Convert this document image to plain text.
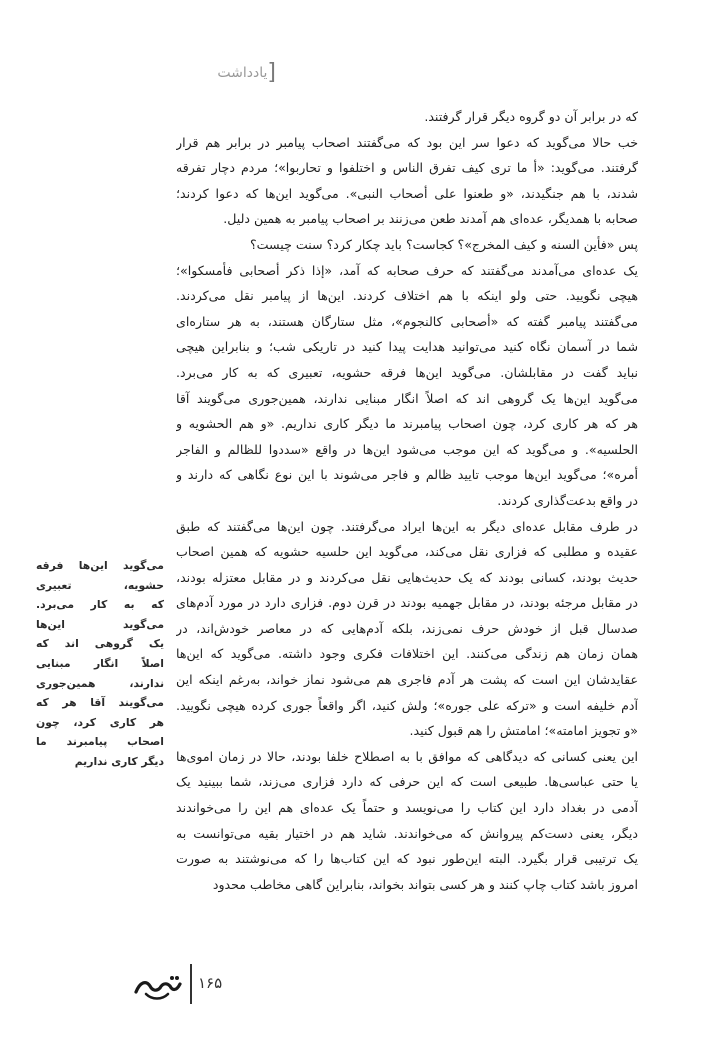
[
یادداشت
که در برابر آن دو گروه دیگر قرار گرفتند.
خب حالا می‌گوید که دعوا سر این بود که می‌گفتند اصحاب پیامبر در برابر هم قرار
گرفتند. می‌گوید: «أ ما تری کیف تفرق الناس و اختلفوا و تحاربوا»؛ مردم دچار تفرقه
شدند، با هم جنگیدند، «و طعنوا علی أصحاب النبی». می‌گوید این‌ها که دعوا کردند؛
صحابه با همدیگر، عده‌ای هم آمدند طعن می‌زنند بر اصحاب پیامبر به همین دلیل.
پس «فأین السنه و کیف المخرج»؟ کجاست؟ باید چکار کرد؟ سنت چیست؟
یک عده‌ای می‌آمدند می‌گفتند که حرف صحابه که آمد، «إذا ذکر أصحابی فأمسکوا»؛
هیچی نگویید. حتی ولو اینکه با هم اختلاف کردند. این‌ها از پیامبر نقل می‌کردند.
می‌گفتند پیامبر گفته که «أصحابی کالنجوم»، مثل ستارگان هستند، به هر ستاره‌ای
شما در آسمان نگاه کنید می‌توانید هدایت پیدا کنید در تاریکی شب؛ و بنابراین هیچی
نباید گفت در مقابلشان. می‌گوید این‌ها فرقه حشویه، تعبیری که به کار می‌برد.
می‌گوید این‌ها یک گروهی اند که اصلاً انگار مبنایی ندارند، همین‌جوری می‌گویند آقا
هر که هر کاری کرد، چون اصحاب پیامبرند ما دیگر کاری نداریم. «و هم الحشویه و
الحلسیه». و می‌گوید که این موجب می‌شود این‌ها در واقع «سددوا للظالم و الفاجر
أمره»؛ می‌گوید این‌ها موجب تایید ظالم و فاجر می‌شوند با این نوع نگاهی که دارند و
در واقع بدعت‌گذاری کردند.
در طرف مقابل عده‌ای دیگر به این‌ها ایراد می‌گرفتند. چون این‌ها می‌گفتند که طبق
عقیده و مطلبی که فزاری نقل می‌کند، می‌گوید این حلسیه حشویه که همین اصحاب
حدیث بودند، کسانی بودند که یک حدیث‌هایی نقل می‌کردند و در مقابل معتزله بودند،
در مقابل مرجئه بودند، در مقابل جهمیه بودند در قرن دوم. فزاری دارد در مورد آدم‌های
صدسال قبل از خودش حرف نمی‌زند، بلکه آدم‌هایی که در معاصر خودش‌اند، در
همان زمان هم زندگی می‌کنند. این اختلافات فکری وجود داشته. می‌گوید که این‌ها
عقایدشان این است که پشت هر آدم فاجری هم می‌شود نماز خواند، به‌رغم اینکه این
آدم خلیفه است و «ترکه علی جوره»؛ ولش کنید، اگر واقعاً جوری کرده هیچی نگویید.
«و تجویز امامته»؛ امامتش را هم قبول کنید.
این یعنی کسانی که دیدگاهی که موافق با به اصطلاح خلفا بودند، حالا در زمان اموی‌ها
یا حتی عباسی‌ها. طبیعی است که این حرفی که دارد فزاری می‌زند، شما ببینید یک
آدمی در بغداد دارد این کتاب را می‌نویسد و حتماً یک عده‌ای هم این را می‌خواندند
دیگر، یعنی دست‌کم پیروانش که می‌خواندند. شاید هم در اختیار بقیه می‌توانست به
یک ترتیبی قرار بگیرد. البته این‌طور نبود که این کتاب‌ها را که می‌نوشتند به صورت
امروز باشد کتاب چاپ کنند و هر کسی بتواند بخواند، بنابراین گاهی مخاطب محدود
می‌گوید این‌ها فرقه
حشویه، تعبیری
که به کار می‌برد.
می‌گوید این‌ها
یک گروهی اند که
اصلاً انگار مبنایی
ندارند، همین‌جوری
می‌گویند آقا هر که
هر کاری کرد، چون
اصحاب پیامبرند ما
دیگر کاری نداریم
۱۶۵
